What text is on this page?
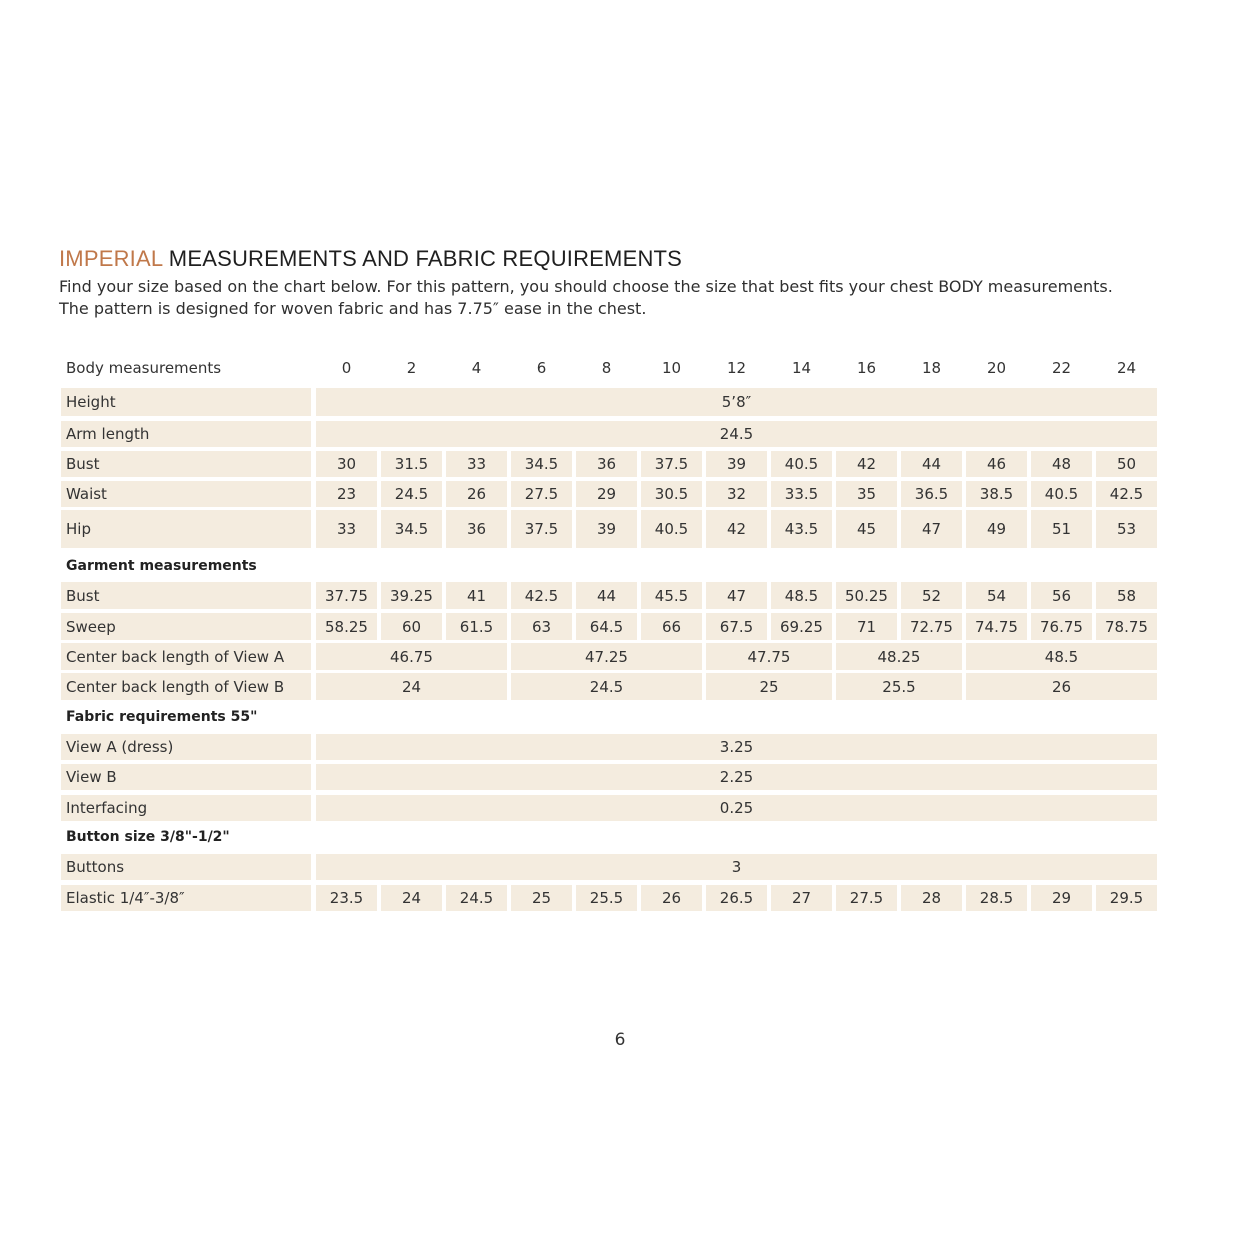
IMPERIAL MEASUREMENTS AND FABRIC REQUIREMENTS
Find your size based on the chart below. For this pattern, you should choose the size that best fits your chest BODY measurements.
The pattern is designed for woven fabric and has 7.75″ ease in the chest.
Body measurements	0	2	4	6	8	10	12	14	16	18	20	22	24
Height	5’8″
Arm length	24.5
Bust	30	31.5	33	34.5	36	37.5	39	40.5	42	44	46	48	50
Waist	23	24.5	26	27.5	29	30.5	32	33.5	35	36.5	38.5	40.5	42.5
Hip	33	34.5	36	37.5	39	40.5	42	43.5	45	47	49	51	53
Garment measurements
Bust	37.75	39.25	41	42.5	44	45.5	47	48.5	50.25	52	54	56	58
Sweep	58.25	60	61.5	63	64.5	66	67.5	69.25	71	72.75	74.75	76.75	78.75
Center back length of View A	46.75	47.25	47.75	48.25	48.5
Center back length of View B	24	24.5	25	25.5	26
Fabric requirements 55"
View A (dress)	3.25
View B	2.25
Interfacing	0.25
Button size 3/8"-1/2"
Buttons	3
Elastic 1/4″-3/8″	23.5	24	24.5	25	25.5	26	26.5	27	27.5	28	28.5	29	29.5
6
